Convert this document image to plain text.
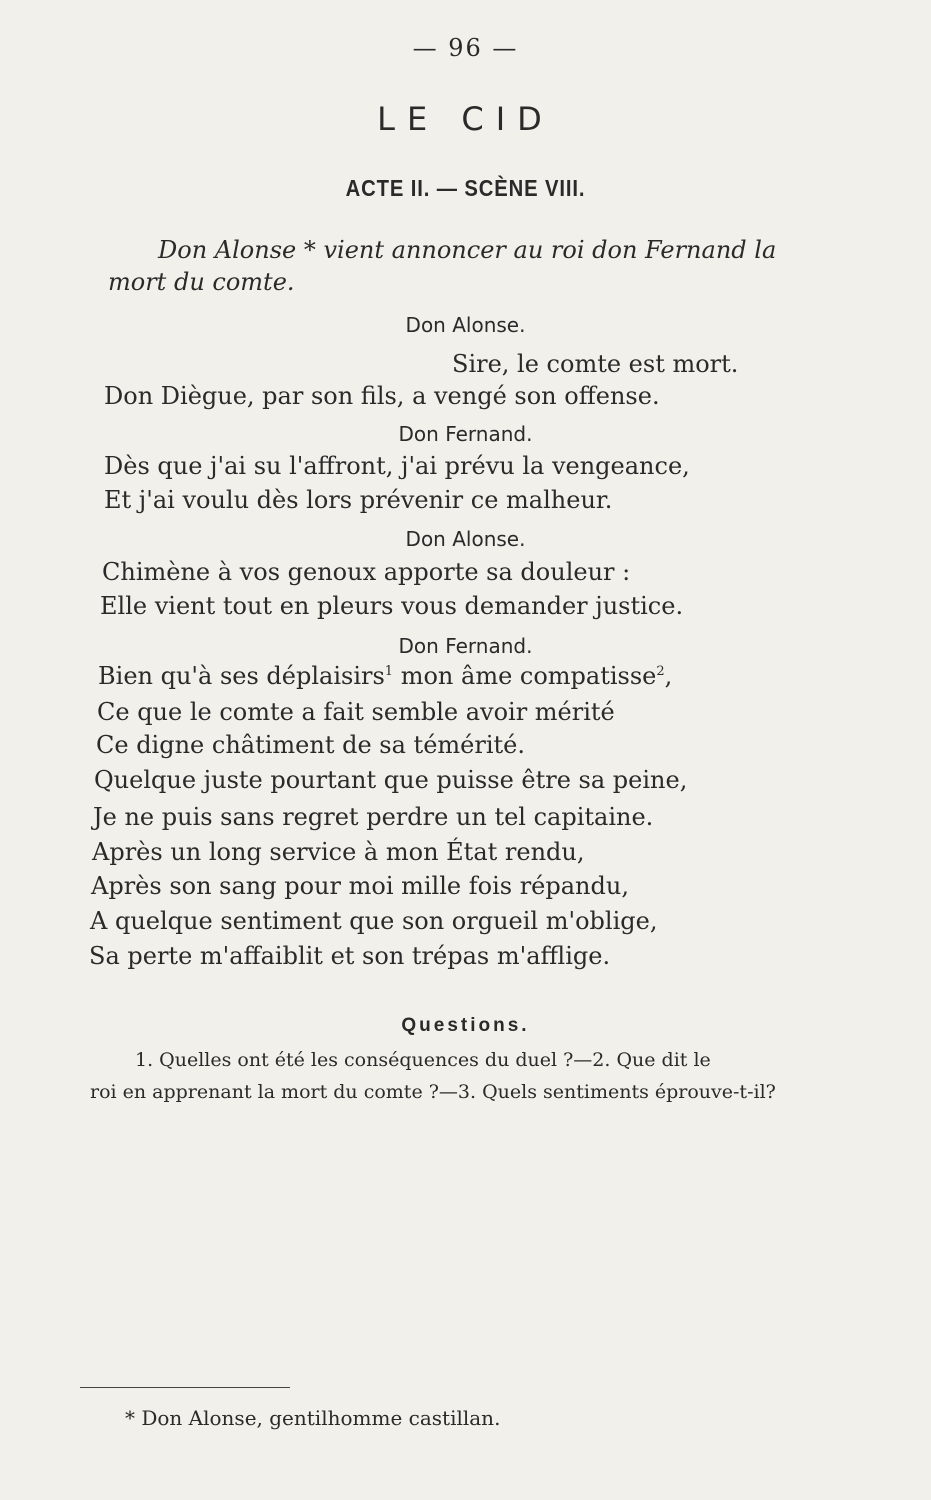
— 96 —
LE CID
ACTE II. — SCÈNE VIII.
Don Alonse * vient annoncer au roi don Fernand la
mort du comte.
Don Alonse.
Sire, le comte est mort.
Don Diègue, par son fils, a vengé son offense.
Don Fernand.
Dès que j'ai su l'affront, j'ai prévu la vengeance,
Et j'ai voulu dès lors prévenir ce malheur.
Don Alonse.
Chimène à vos genoux apporte sa douleur :
Elle vient tout en pleurs vous demander justice.
Don Fernand.
Bien qu'à ses déplaisirs$^1$ mon âme compatisse$^2$,
Ce que le comte a fait semble avoir mérité
Ce digne châtiment de sa témérité.
Quelque juste pourtant que puisse être sa peine,
Je ne puis sans regret perdre un tel capitaine.
Après un long service à mon État rendu,
Après son sang pour moi mille fois répandu,
A quelque sentiment que son orgueil m'oblige,
Sa perte m'affaiblit et son trépas m'afflige.
Questions.
1. Quelles ont été les conséquences du duel ?—2. Que dit le
roi en apprenant la mort du comte ?—3. Quels sentiments éprouve-t-il?
* Don Alonse, gentilhomme castillan.
